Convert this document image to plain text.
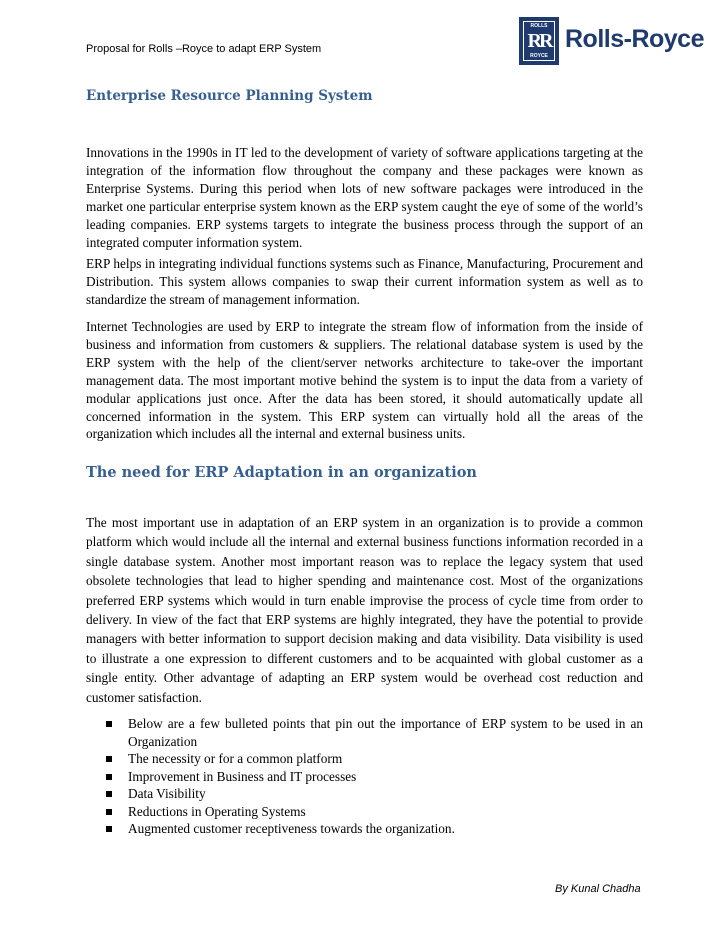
Proposal for Rolls –Royce to adapt ERP System
ROLLS
RR
ROYCE
Rolls-Royce
Enterprise Resource Planning System
Innovations in the 1990s in IT led to the development of variety of software applications targeting at the integration of the information flow throughout the company and these packages were known as Enterprise Systems. During this period when lots of new software packages were introduced in the market one particular enterprise system known as the ERP system caught the eye of some of the world’s leading companies. ERP systems targets to integrate the business process through the support of an integrated computer information system.
ERP helps in integrating individual functions systems such as Finance, Manufacturing, Procurement and Distribution. This system allows companies to swap their current information system as well as to standardize the stream of management information.
Internet Technologies are used by ERP to integrate the stream flow of information from the inside of business and information from customers & suppliers. The relational database system is used by the ERP system with the help of the client/server networks architecture to take-over the important management data. The most important motive behind the system is to input the data from a variety of modular applications just once. After the data has been stored, it should automatically update all concerned information in the system. This ERP system can virtually hold all the areas of the organization which includes all the internal and external business units.
The need for ERP Adaptation in an organization
The most important use in adaptation of an ERP system in an organization is to provide a common platform which would include all the internal and external business functions information recorded in a single database system. Another most important reason was to replace the legacy system that used obsolete technologies that lead to higher spending and maintenance cost. Most of the organizations preferred ERP systems which would in turn enable improvise the process of cycle time from order to delivery. In view of the fact that ERP systems are highly integrated, they have the potential to provide managers with better information to support decision making and data visibility. Data visibility is used to illustrate a one expression to different customers and to be acquainted with global customer as a single entity. Other advantage of adapting an ERP system would be overhead cost reduction and customer satisfaction.
Below are a few bulleted points that pin out the importance of ERP system to be used in an Organization
The necessity or for a common platform
Improvement in Business and IT processes
Data Visibility
Reductions in Operating Systems
Augmented customer receptiveness towards the organization.
By Kunal Chadha
